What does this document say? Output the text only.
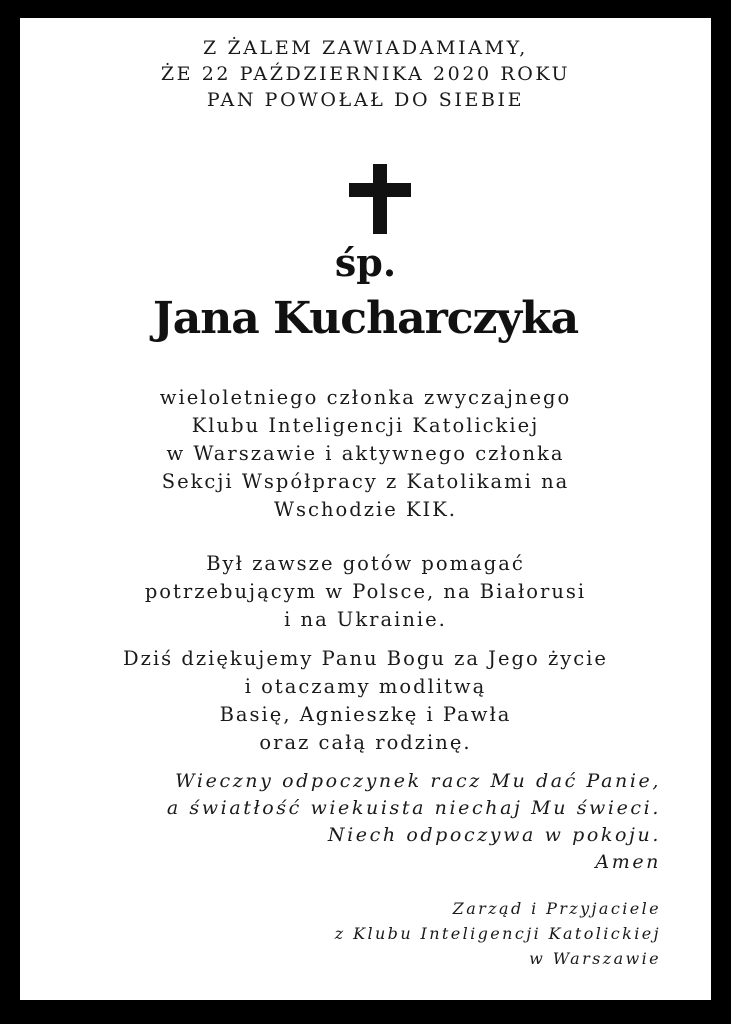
Z ŻALEM ZAWIADAMIAMY,

ŻE 22 PAŹDZIERNIKA 2020 ROKU

PAN POWOŁAŁ DO SIEBIE

śp.

Jana Kucharczyka

wieloletniego członka zwyczajnego

Klubu Inteligencji Katolickiej

w Warszawie i aktywnego członka

Sekcji Współpracy z Katolikami na

Wschodzie KIK.

Był zawsze gotów pomagać

potrzebującym w Polsce, na Białorusi

i na Ukrainie.

Dziś dziękujemy Panu Bogu za Jego życie

i otaczamy modlitwą

Basię, Agnieszkę i Pawła

oraz całą rodzinę.

Wieczny odpoczynek racz Mu dać Panie,

a światłość wiekuista niechaj Mu świeci.

Niech odpoczywa w pokoju.

Amen

Zarząd i Przyjaciele

z Klubu Inteligencji Katolickiej

w Warszawie
